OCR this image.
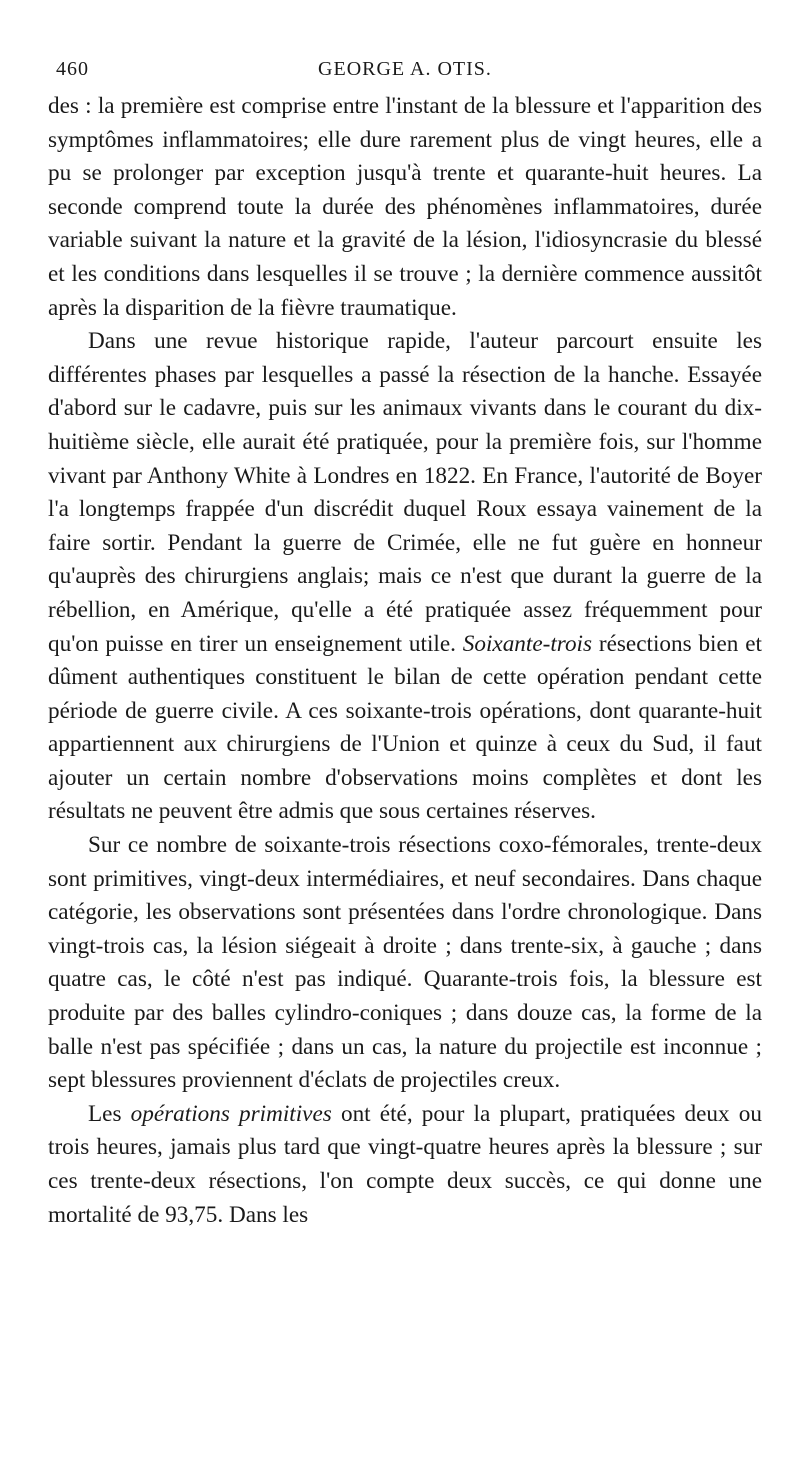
460	GEORGE A. OTIS.

des : la première est comprise entre l'instant de la blessure et l'apparition des symptômes inflammatoires; elle dure rarement plus de vingt heures, elle a pu se prolonger par exception jusqu'à trente et quarante-huit heures. La seconde comprend toute la durée des phénomènes inflammatoires, durée variable suivant la nature et la gravité de la lésion, l'idiosyncrasie du blessé et les conditions dans lesquelles il se trouve ; la dernière commence aussitôt après la disparition de la fièvre traumatique.

Dans une revue historique rapide, l'auteur parcourt ensuite les différentes phases par lesquelles a passé la résection de la hanche. Essayée d'abord sur le cadavre, puis sur les animaux vivants dans le courant du dix-huitième siècle, elle aurait été pratiquée, pour la première fois, sur l'homme vivant par Anthony White à Londres en 1822. En France, l'autorité de Boyer l'a longtemps frappée d'un discrédit duquel Roux essaya vainement de la faire sortir. Pendant la guerre de Crimée, elle ne fut guère en honneur qu'auprès des chirurgiens anglais; mais ce n'est que durant la guerre de la rébellion, en Amérique, qu'elle a été pratiquée assez fréquemment pour qu'on puisse en tirer un enseignement utile. Soixante-trois résections bien et dûment authentiques constituent le bilan de cette opération pendant cette période de guerre civile. A ces soixante-trois opérations, dont quarante-huit appartiennent aux chirurgiens de l'Union et quinze à ceux du Sud, il faut ajouter un certain nombre d'observations moins complètes et dont les résultats ne peuvent être admis que sous certaines réserves.

Sur ce nombre de soixante-trois résections coxo-fémorales, trente-deux sont primitives, vingt-deux intermédiaires, et neuf secondaires. Dans chaque catégorie, les observations sont présentées dans l'ordre chronologique. Dans vingt-trois cas, la lésion siégeait à droite ; dans trente-six, à gauche ; dans quatre cas, le côté n'est pas indiqué. Quarante-trois fois, la blessure est produite par des balles cylindro-coniques ; dans douze cas, la forme de la balle n'est pas spécifiée ; dans un cas, la nature du projectile est inconnue ; sept blessures proviennent d'éclats de projectiles creux.

Les opérations primitives ont été, pour la plupart, pratiquées deux ou trois heures, jamais plus tard que vingt-quatre heures après la blessure ; sur ces trente-deux résections, l'on compte deux succès, ce qui donne une mortalité de 93,75. Dans les
